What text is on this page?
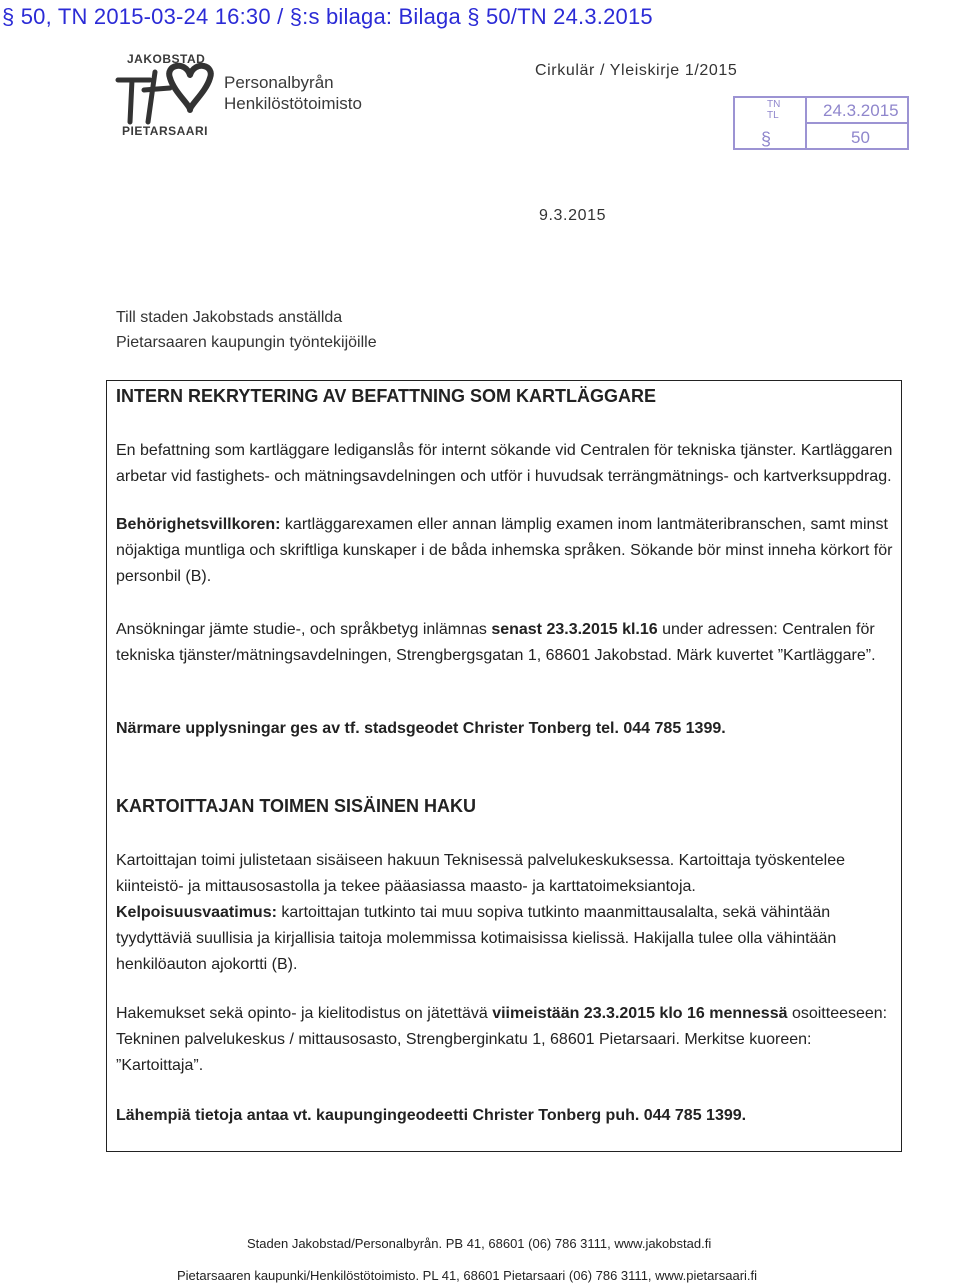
§ 50, TN 2015-03-24 16:30 / §:s bilaga: Bilaga § 50/TN 24.3.2015
JAKOBSTAD
PIETARSAARI
Personalbyrån
Henkilöstötoimisto
Cirkulär / Yleiskirje 1/2015
TN
TL	24.3.2015
§	50
9.3.2015
Till staden Jakobstads anställda
Pietarsaaren kaupungin työntekijöille
INTERN REKRYTERING AV BEFATTNING SOM KARTLÄGGARE
En befattning som kartläggare lediganslås för internt sökande vid Centralen för tekniska tjänster. Kartläggaren arbetar vid fastighets- och mätningsavdelningen och utför i huvudsak terrängmätnings- och kartverksuppdrag.
Behörighetsvillkoren: kartläggarexamen eller annan lämplig examen inom lantmäteribranschen, samt minst nöjaktiga muntliga och skriftliga kunskaper i de båda inhemska språken. Sökande bör minst inneha körkort för personbil (B).
Ansökningar jämte studie-, och språkbetyg inlämnas senast 23.3.2015 kl.16 under adressen: Centralen för tekniska tjänster/mätningsavdelningen, Strengbergsgatan 1, 68601 Jakobstad. Märk kuvertet ”Kartläggare”.
Närmare upplysningar ges av tf. stadsgeodet Christer Tonberg tel. 044 785 1399.
KARTOITTAJAN TOIMEN SISÄINEN HAKU
Kartoittajan toimi julistetaan sisäiseen hakuun Teknisessä palvelukeskuksessa. Kartoittaja työskentelee kiinteistö- ja mittausosastolla ja tekee pääasiassa maasto- ja karttatoimeksiantoja.
Kelpoisuusvaatimus: kartoittajan tutkinto tai muu sopiva tutkinto maanmittausalalta, sekä vähintään tyydyttäviä suullisia ja kirjallisia taitoja molemmissa kotimaisissa kielissä. Hakijalla tulee olla vähintään henkilöauton ajokortti (B).
Hakemukset sekä opinto- ja kielitodistus on jätettävä viimeistään 23.3.2015 klo 16 mennessä osoitteeseen: Tekninen palvelukeskus / mittausosasto, Strengberginkatu 1, 68601 Pietarsaari. Merkitse kuoreen: ”Kartoittaja”.
Lähempiä tietoja antaa vt. kaupungingeodeetti Christer Tonberg puh. 044 785 1399.
Staden Jakobstad/Personalbyrån. PB 41, 68601 (06) 786 3111, www.jakobstad.fi
Pietarsaaren kaupunki/Henkilöstötoimisto. PL 41, 68601 Pietarsaari (06) 786 3111, www.pietarsaari.fi
